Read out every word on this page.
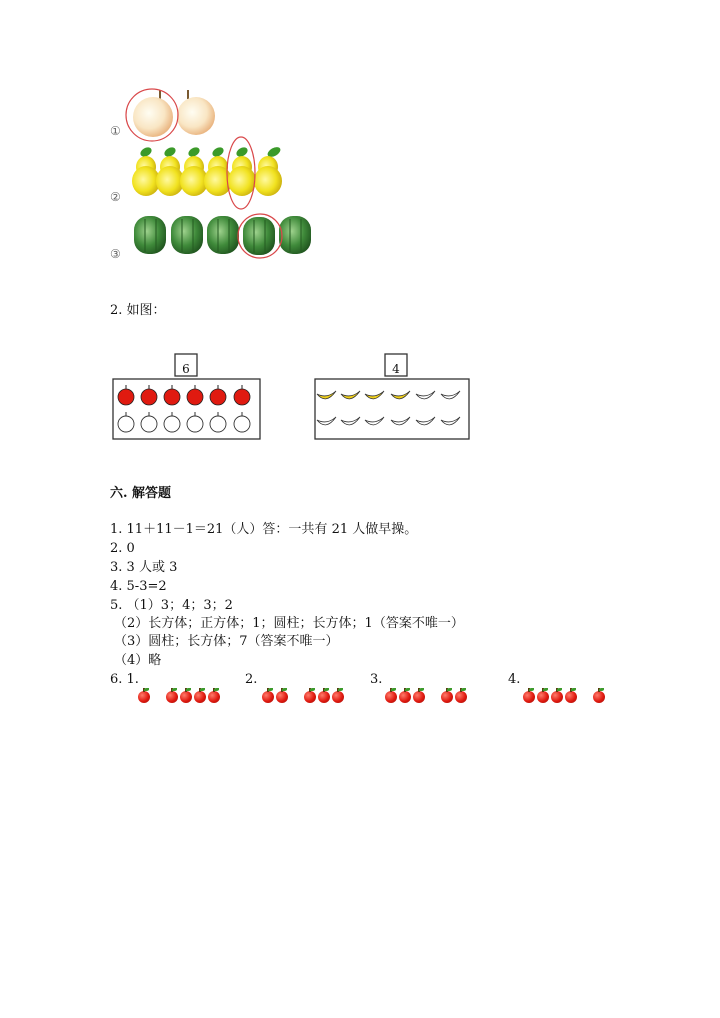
①
②
③
2. 如图：
6	4
六. 解答题
1. 11＋11－1＝21（人）答：一共有 21 人做早操。
2. 0
3. 3 人或 3
4. 5-3=2
5. （1）3；4；3；2
（2）长方体；正方体；1；圆柱；长方体；1（答案不唯一）
（3）圆柱；长方体；7（答案不唯一）
（4）略
6. 1.	2.	3.	4.
